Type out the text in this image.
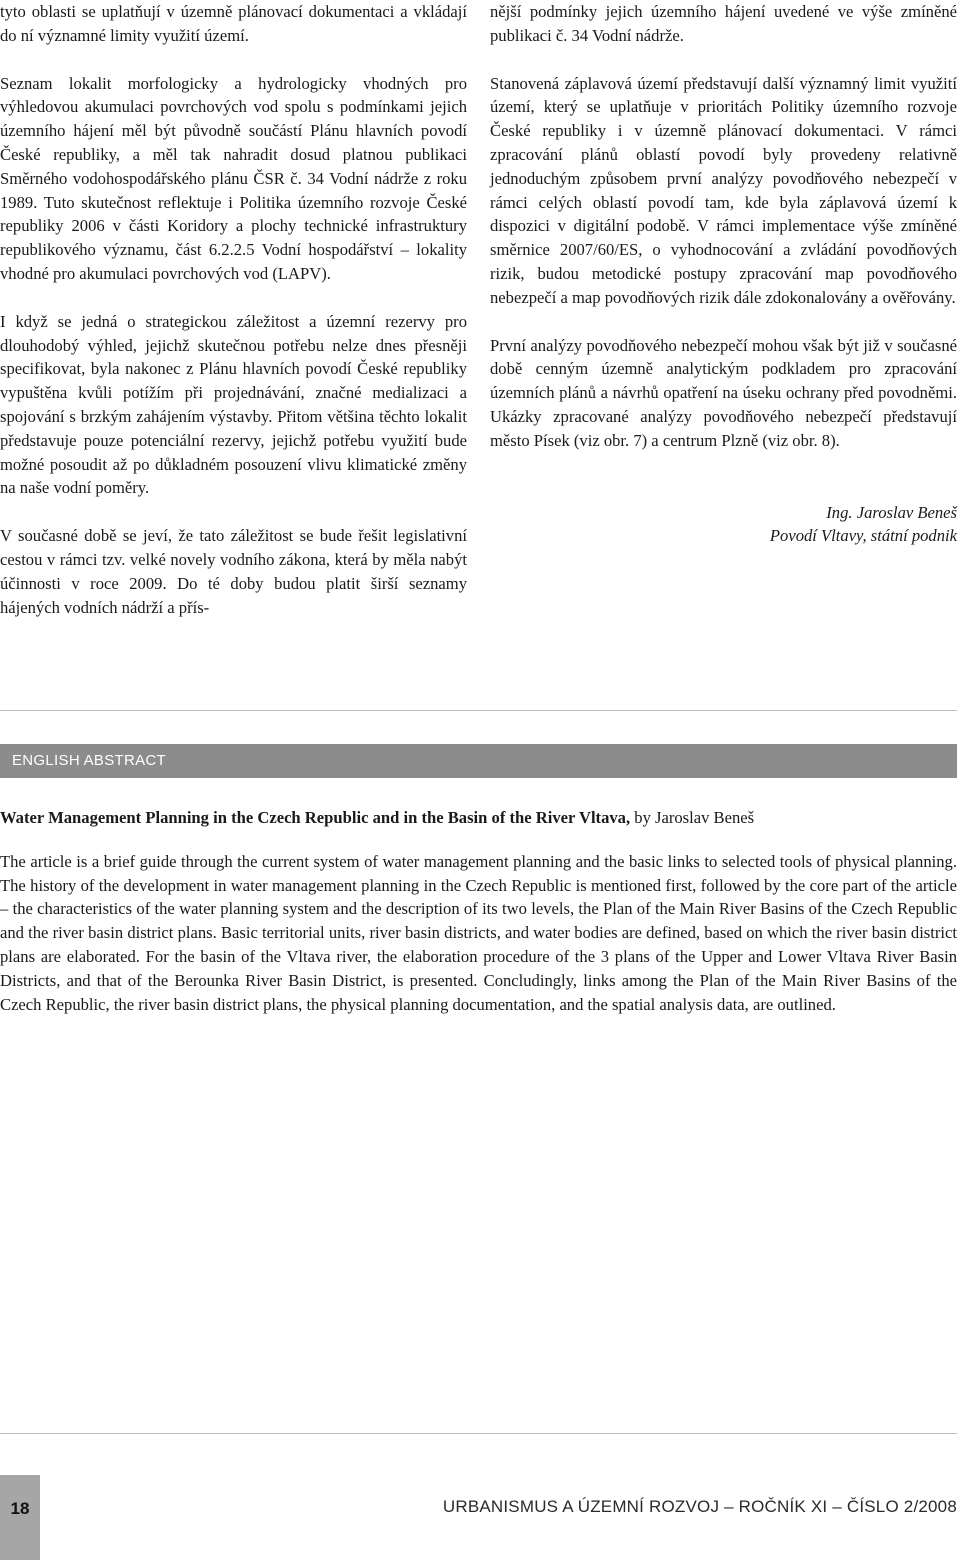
tyto oblasti se uplatňují v územně plánovací dokumentaci a vkládají do ní významné limity využití území.

Seznam lokalit morfologicky a hydrologicky vhodných pro výhledovou akumulaci povrchových vod spolu s podmínkami jejich územního hájení měl být původně součástí Plánu hlavních povodí České republiky, a měl tak nahradit dosud platnou publikaci Směrného vodohospodářského plánu ČSR č. 34 Vodní nádrže z roku 1989. Tuto skutečnost reflektuje i Politika územního rozvoje České republiky 2006 v části Koridory a plochy technické infrastruktury republikového významu, část 6.2.2.5 Vodní hospodářství – lokality vhodné pro akumulaci povrchových vod (LAPV).

I když se jedná o strategickou záležitost a územní rezervy pro dlouhodobý výhled, jejichž skutečnou potřebu nelze dnes přesněji specifikovat, byla nakonec z Plánu hlavních povodí České republiky vypuštěna kvůli potížím při projednávání, značné medializaci a spojování s brzkým zahájením výstavby. Přitom většina těchto lokalit představuje pouze potenciální rezervy, jejichž potřebu využití bude možné posoudit až po důkladném posouzení vlivu klimatické změny na naše vodní poměry.

V současné době se jeví, že tato záležitost se bude řešit legislativní cestou v rámci tzv. velké novely vodního zákona, která by měla nabýt účinnosti v roce 2009. Do té doby budou platit širší seznamy hájených vodních nádrží a přís-

nější podmínky jejich územního hájení uvedené ve výše zmíněné publikaci č. 34 Vodní nádrže.

Stanovená záplavová území představují další významný limit využití území, který se uplatňuje v prioritách Politiky územního rozvoje České republiky i v územně plánovací dokumentaci. V rámci zpracování plánů oblastí povodí byly provedeny relativně jednoduchým způsobem první analýzy povodňového nebezpečí v rámci celých oblastí povodí tam, kde byla záplavová území k dispozici v digitální podobě. V rámci implementace výše zmíněné směrnice 2007/60/ES, o vyhodnocování a zvládání povodňových rizik, budou metodické postupy zpracování map povodňového nebezpečí a map povodňových rizik dále zdokonalovány a ověřovány.

První analýzy povodňového nebezpečí mohou však být již v současné době cenným územně analytickým podkladem pro zpracování územních plánů a návrhů opatření na úseku ochrany před povodněmi. Ukázky zpracované analýzy povodňového nebezpečí představují město Písek (viz obr. 7) a centrum Plzně (viz obr. 8).

Ing. Jaroslav Beneš
Povodí Vltavy, státní podnik
ENGLISH ABSTRACT

Water Management Planning in the Czech Republic and in the Basin of the River Vltava, by Jaroslav Beneš

The article is a brief guide through the current system of water management planning and the basic links to selected tools of physical planning. The history of the development in water management planning in the Czech Republic is mentioned first, followed by the core part of the article – the characteristics of the water planning system and the description of its two levels, the Plan of the Main River Basins of the Czech Republic and the river basin district plans. Basic territorial units, river basin districts, and water bodies are defined, based on which the river basin district plans are elaborated. For the basin of the Vltava river, the elaboration procedure of the 3 plans of the Upper and Lower Vltava River Basin Districts, and that of the Berounka River Basin District, is presented. Concludingly, links among the Plan of the Main River Basins of the Czech Republic, the river basin district plans, the physical planning documentation, and the spatial analysis data, are outlined.

18	URBANISMUS A ÚZEMNÍ ROZVOJ – ROČNÍK XI – ČÍSLO 2/2008
